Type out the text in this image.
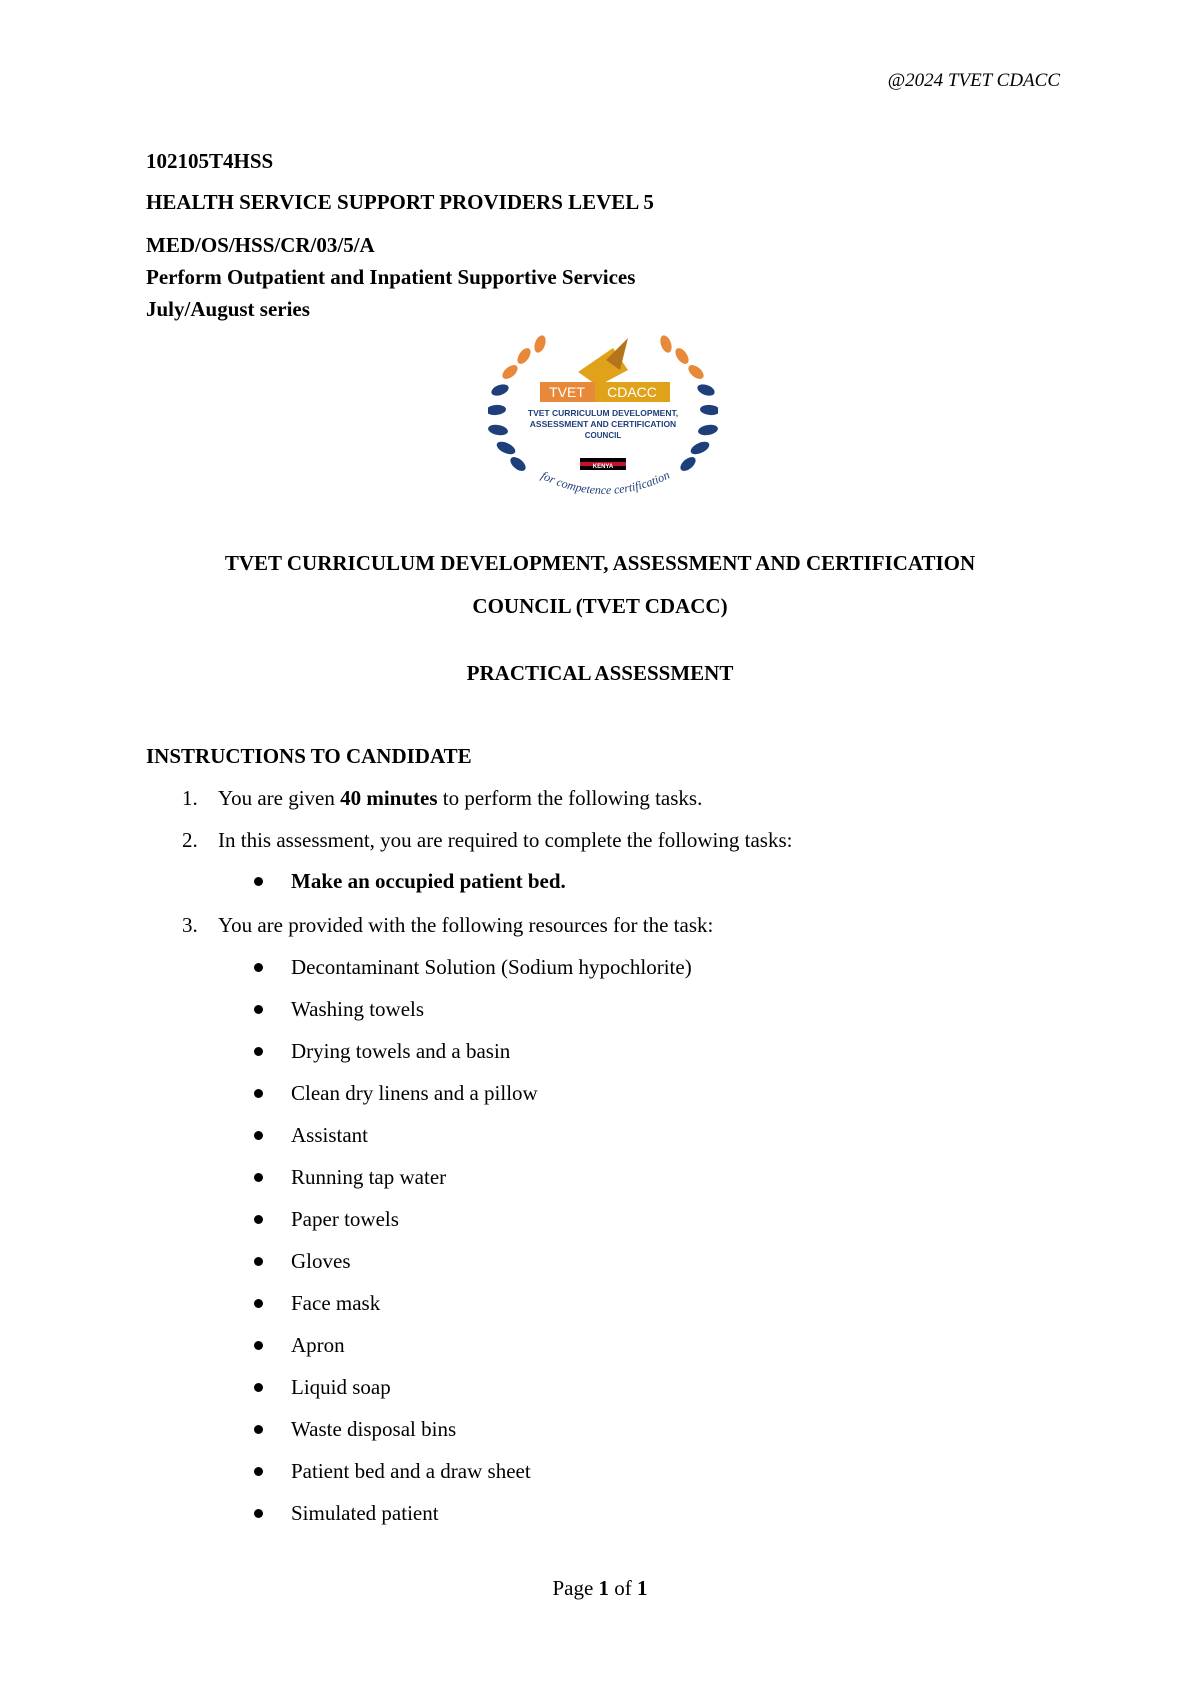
@2024 TVET CDACC
102105T4HSS
HEALTH SERVICE SUPPORT PROVIDERS LEVEL 5
MED/OS/HSS/CR/03/5/A
Perform Outpatient and Inpatient Supportive Services
July/August series
TVET CDACC
TVET CURRICULUM DEVELOPMENT,
ASSESSMENT AND CERTIFICATION
COUNCIL
KENYA
for competence certification
TVET CURRICULUM DEVELOPMENT, ASSESSMENT AND CERTIFICATION
COUNCIL (TVET CDACC)
PRACTICAL ASSESSMENT
INSTRUCTIONS TO CANDIDATE
1. You are given 40 minutes to perform the following tasks.
2. In this assessment, you are required to complete the following tasks:
Make an occupied patient bed.
3. You are provided with the following resources for the task:
Decontaminant Solution (Sodium hypochlorite)
Washing towels
Drying towels and a basin
Clean dry linens and a pillow
Assistant
Running tap water
Paper towels
Gloves
Face mask
Apron
Liquid soap
Waste disposal bins
Patient bed and a draw sheet
Simulated patient
Page 1 of 1
